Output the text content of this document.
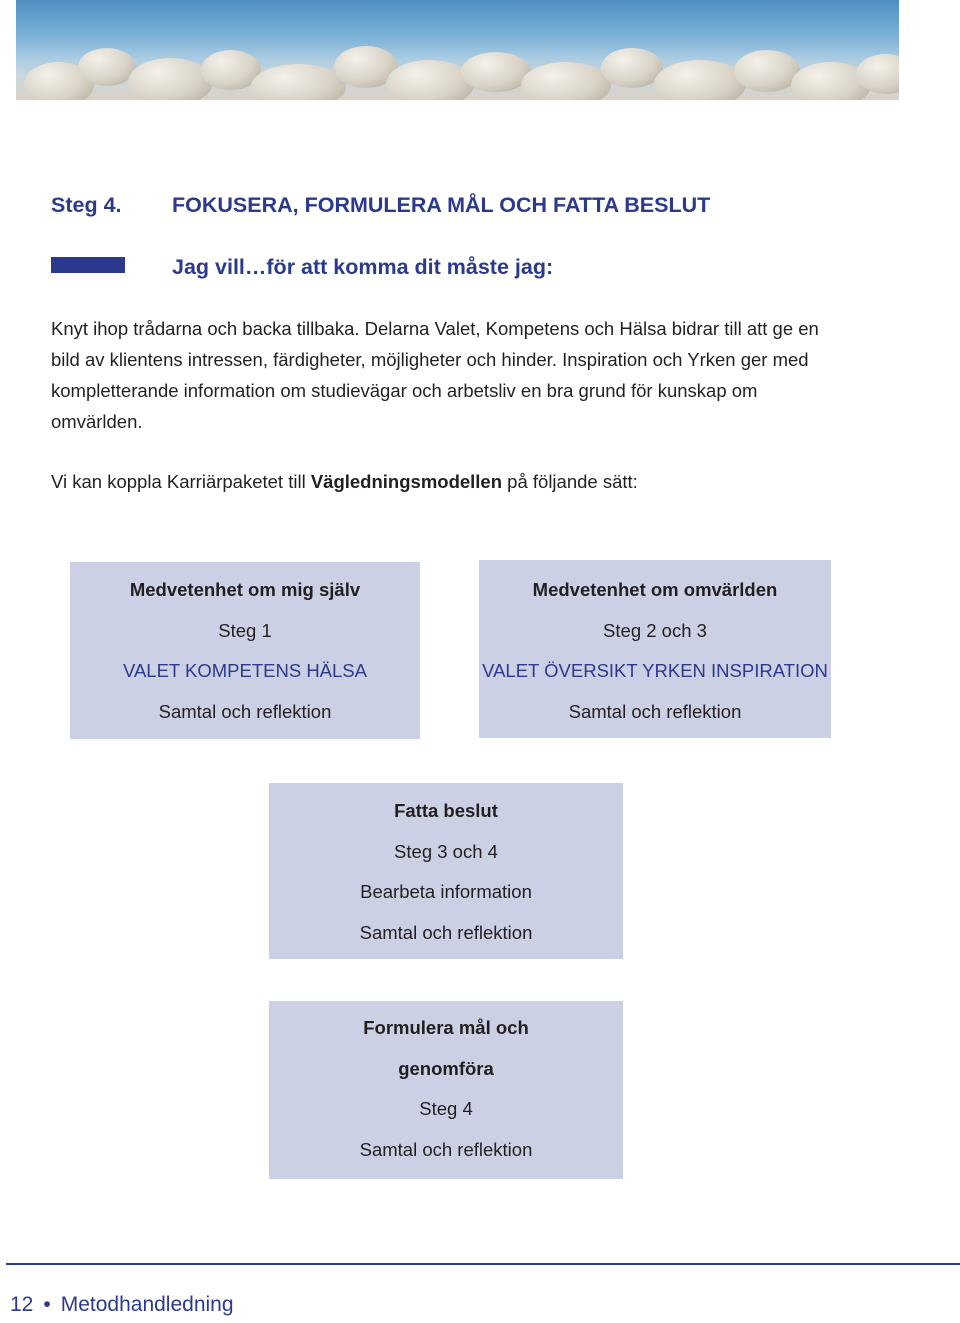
Steg 4. FOKUSERA, FORMULERA MÅL OCH FATTA BESLUT
Jag vill…för att komma dit måste jag:

Knyt ihop trådarna och backa tillbaka. Delarna Valet, Kompetens och Hälsa bidrar till att ge en bild av klientens intressen, färdigheter, möjligheter och hinder. Inspiration och Yrken ger med kompletterande information om studievägar och arbetsliv en bra grund för kunskap om omvärlden.

Vi kan koppla Karriärpaketet till Vägledningsmodellen på följande sätt:
Medvetenhet om mig själv
Steg 1
VALET KOMPETENS HÄLSA
Samtal och reflektion
Medvetenhet om omvärlden
Steg 2 och 3
VALET ÖVERSIKT YRKEN INSPIRATION
Samtal och reflektion
Fatta beslut
Steg 3 och 4
Bearbeta information
Samtal och reflektion
Formulera mål och
genomföra
Steg 4
Samtal och reflektion
12 • Metodhandledning
